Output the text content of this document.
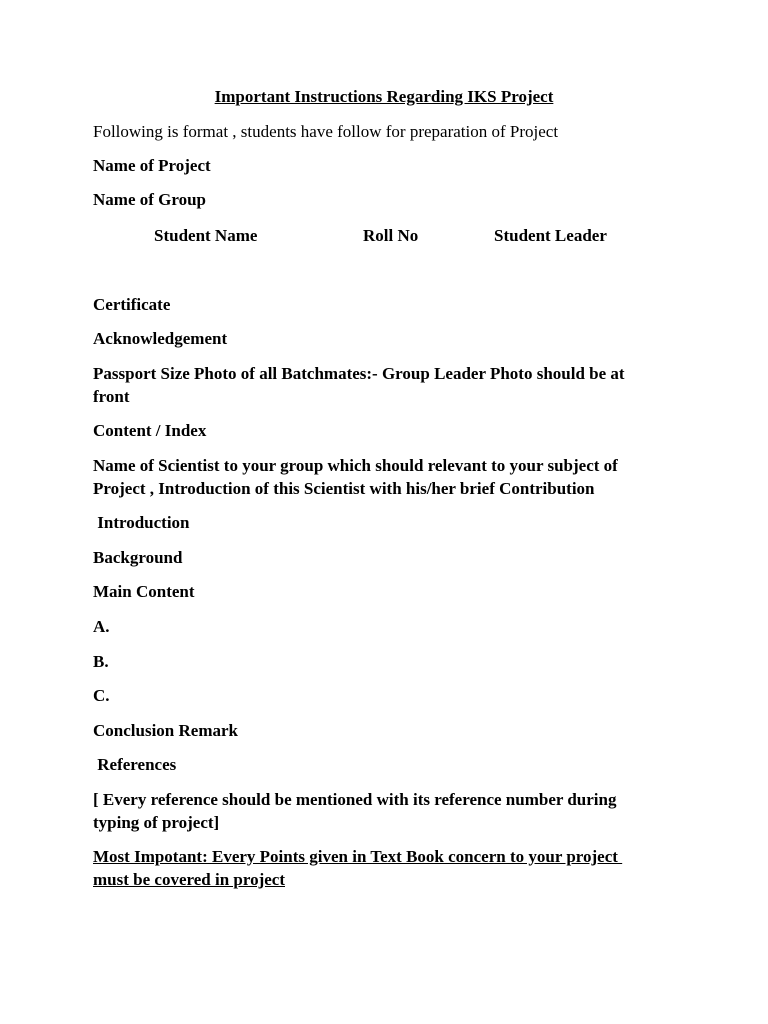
Important Instructions Regarding IKS Project
Following is format , students have follow for preparation of Project
Name of Project
Name of Group
Student Name	Roll No	Student Leader
Certificate
Acknowledgement
Passport Size Photo of all Batchmates:- Group Leader Photo should be at
front
Content / Index
Name of Scientist to your group which should relevant to your subject of
Project , Introduction of this Scientist with his/her brief Contribution
Introduction
Background
Main Content
A.
B.
C.
Conclusion Remark
References
[ Every reference should be mentioned with its reference number during
typing of project]
Most Impotant: Every Points given in Text Book concern to your project
must be covered in project
